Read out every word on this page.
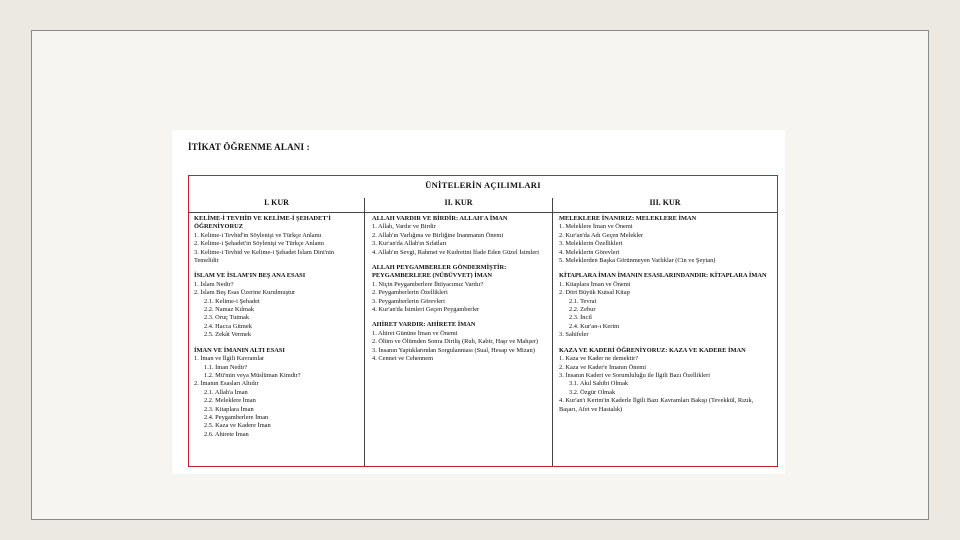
İTİKAT ÖĞRENME ALANI :
ÜNİTELERİN AÇILIMLARI
I. KUR	II. KUR	III. KUR
KELİME-İ TEVHİD VE KELİME-İ ŞEHADET'İ ÖĞRENİYORUZ
1. Kelime-i Tevhid'in Söylenişi ve Türkçe Anlamı
2. Kelime-i Şehadet'in Söylenişi ve Türkçe Anlamı
3. Kelime-i Tevhid ve Kelime-i Şehadet İslam Dini'nin Temelidir
İSLAM VE İSLAM'IN BEŞ ANA ESASI
1. İslam Nedir?
2. İslam Beş Esas Üzerine Kurulmuştur
2.1. Kelime-i Şehadet
2.2. Namaz Kılmak
2.3. Oruç Tutmak
2.4. Hacca Gitmek
2.5. Zekât Vermek
İMAN VE İMANIN ALTI ESASI
1. İman ve İlgili Kavramlar
1.1. İman Nedir?
1.2. Mü'min veya Müslüman Kimdir?
2. İmanın Esasları Altıdır
2.1. Allah'a İman
2.2. Meleklere İman
2.3. Kitaplara İman
2.4. Peygamberlere İman
2.5. Kaza ve Kadere İman
2.6. Ahirete İman
ALLAH VARDIR VE BİRDİR: ALLAH'A İMAN
1. Allah, Vardır ve Birdir
2. Allah'ın Varlığına ve Birliğine İnanmanın Önemi
3. Kur'an'da Allah'ın Sıfatları
4. Allah'ın Sevgi, Rahmet ve Kudretini İfade Eden Güzel İsimleri
ALLAH PEYGAMBERLER GÖNDERMİŞTİR: PEYGAMBERLERE (NÜBÜVVET) İMAN
1. Niçin Peygamberlere İhtiyacımız Vardır?
2. Peygamberlerin Özellikleri
3. Peygamberlerin Görevleri
4. Kur'an'da İsimleri Geçen Peygamberler
AHİRET VARDIR: AHİRETE İMAN
1. Ahiret Gününe İman ve Önemi
2. Ölüm ve Ölümden Sonra Diriliş (Ruh, Kabir, Haşr ve Mahşer)
3. İnsanın Yaptıklarından Sorgulanması (Sual, Hesap ve Mizan)
4. Cennet ve Cehennem
MELEKLERE İNANIRIZ: MELEKLERE İMAN
1. Meleklere İman ve Önemi
2. Kur'an'da Adı Geçen Melekler
3. Meleklerin Özellikleri
4. Meleklerin Görevleri
5. Meleklerden Başka Görünmeyen Varlıklar (Cin ve Şeytan)
KİTAPLARA İMAN İMANIN ESASLARINDANDIR: KİTAPLARA İMAN
1. Kitaplara İman ve Önemi
2. Dört Büyük Kutsal Kitap
2.1. Tevrat
2.2. Zebur
2.3. İncil
2.4. Kur'an-ı Kerim
3. Sahifeler
KAZA VE KADERİ ÖĞRENİYORUZ: KAZA VE KADERE İMAN
1. Kaza ve Kader ne demektir?
2. Kaza ve Kader'e İmanın Önemi
3. İnsanın Kaderi ve Sorumluluğu ile İlgili Bazı Özellikleri
3.1. Akıl Sahibi Olmak
3.2. Özgür Olmak
4. Kur'an'ı Kerim'in Kaderle İlgili Bazı Kavramları Bakışı (Tevekkül, Rızık, Başarı, Afet ve Hastalık)
